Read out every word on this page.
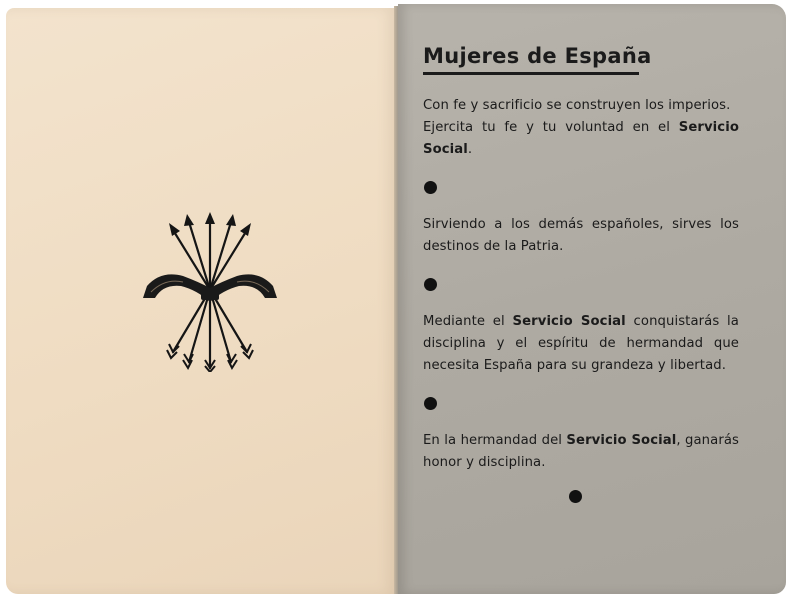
Mujeres de España

Con fe y sacrificio se construyen los imperios.
Ejercita tu fe y tu voluntad en el Servicio Social.

Sirviendo a los demás españoles, sirves los destinos de la Patria.

Mediante el Servicio Social conquistarás la disciplina y el espíritu de hermandad que necesita España para su grandeza y libertad.

En la hermandad del Servicio Social, ganarás honor y disciplina.
